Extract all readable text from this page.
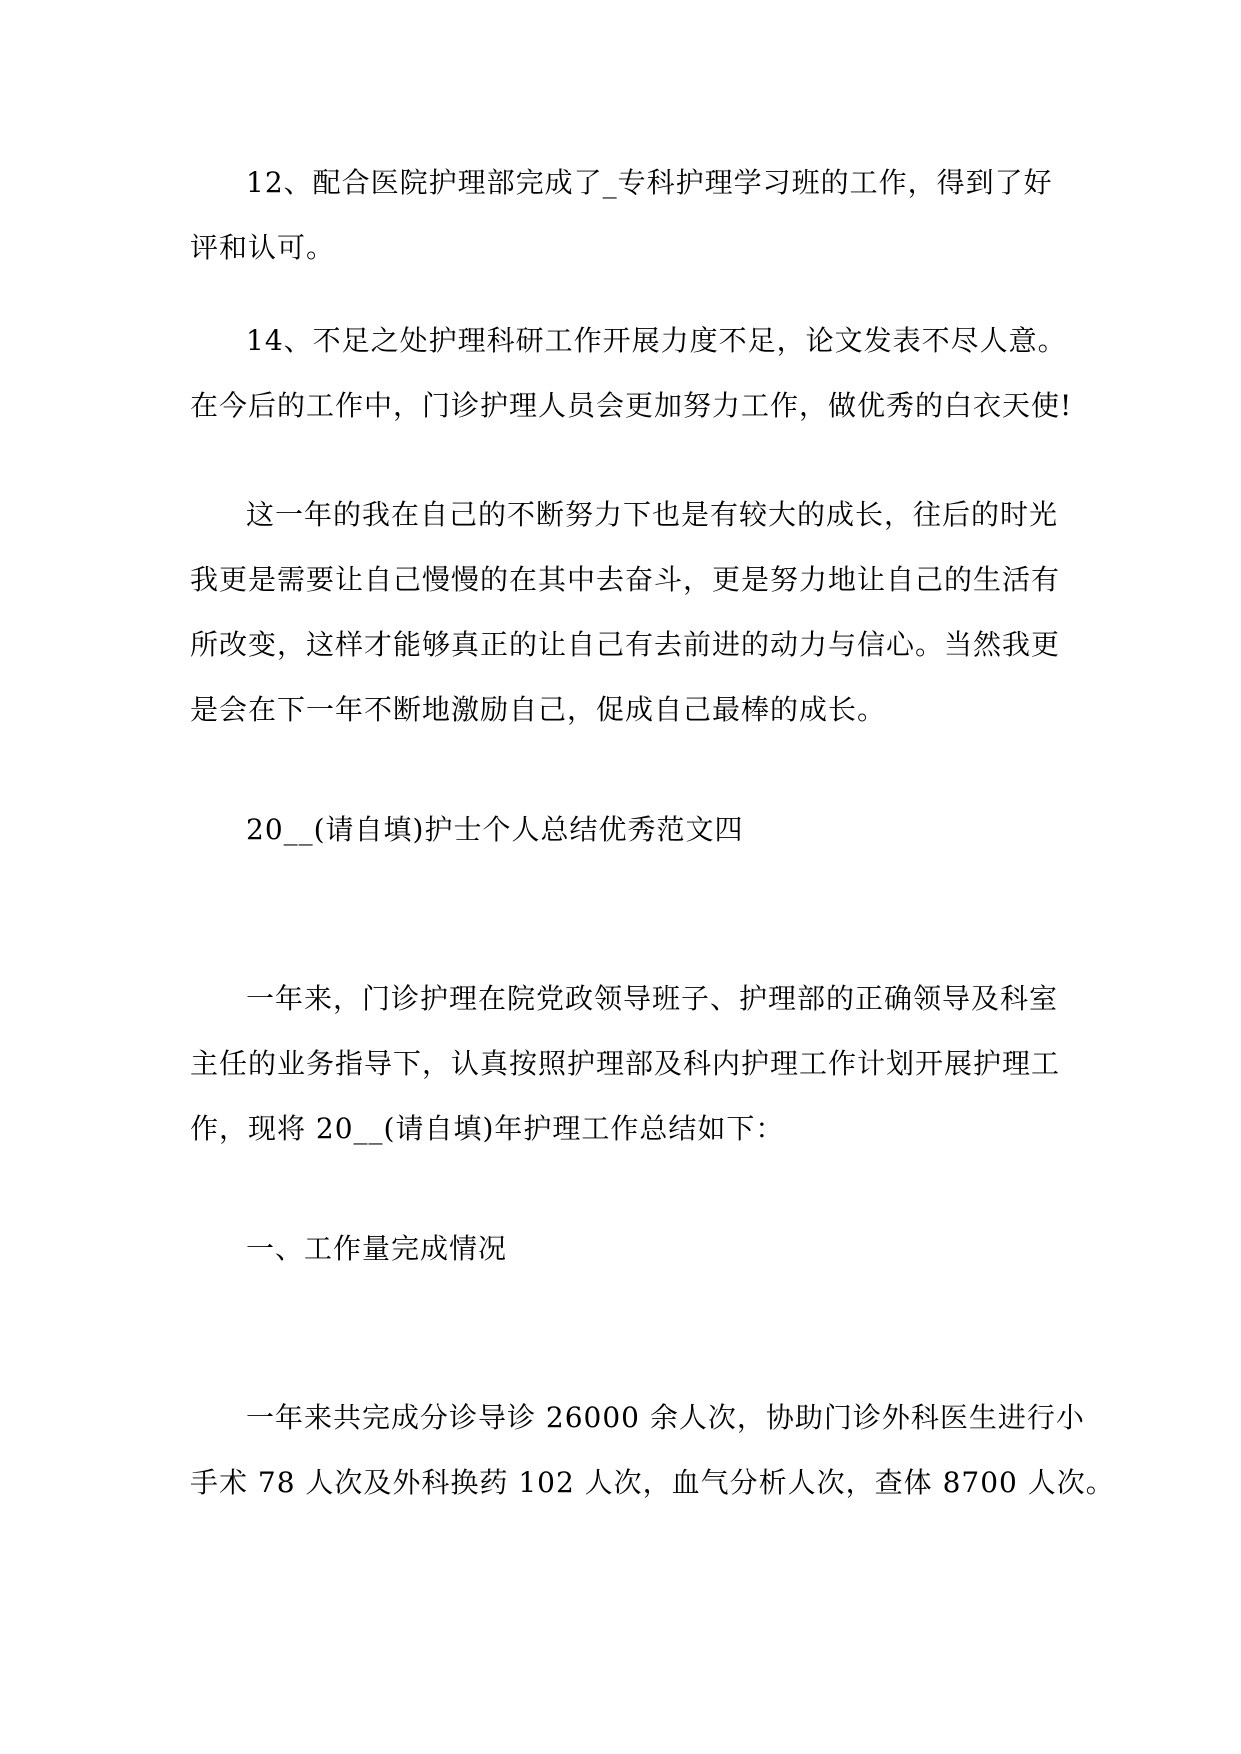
12、配合医院护理部完成了_专科护理学习班的工作，得到了好
评和认可。
14、不足之处护理科研工作开展力度不足，论文发表不尽人意。
在今后的工作中，门诊护理人员会更加努力工作，做优秀的白衣天使!
这一年的我在自己的不断努力下也是有较大的成长，往后的时光
我更是需要让自己慢慢的在其中去奋斗，更是努力地让自己的生活有
所改变，这样才能够真正的让自己有去前进的动力与信心。当然我更
是会在下一年不断地激励自己，促成自己最棒的成长。
20__(请自填)护士个人总结优秀范文四
一年来，门诊护理在院党政领导班子、护理部的正确领导及科室
主任的业务指导下，认真按照护理部及科内护理工作计划开展护理工
作，现将 20__(请自填)年护理工作总结如下：
一、工作量完成情况
一年来共完成分诊导诊 26000 余人次，协助门诊外科医生进行小
手术 78 人次及外科换药 102 人次，血气分析人次，查体 8700 人次。
